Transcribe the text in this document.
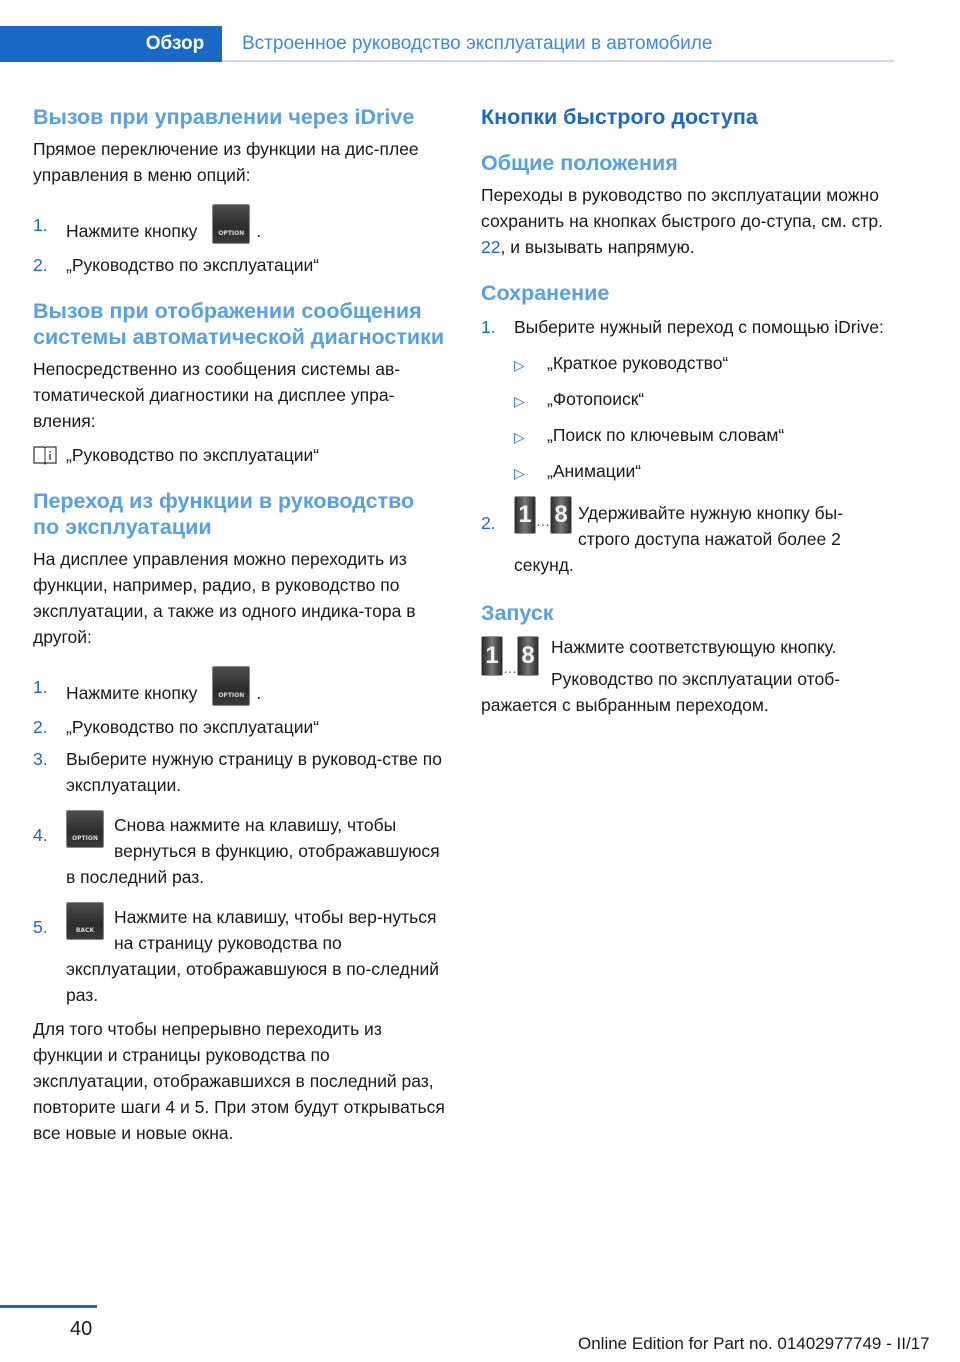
Обзор	Встроенное руководство эксплуатации в автомобиле
Вызов при управлении через iDrive

Прямое переключение из функции на дис-плее управления в меню опций:

1. Нажмите кнопку	OPTION .
2. „Руководство по эксплуатации“
Вызов при отображении сообщения системы автоматической диагностики

Непосредственно из сообщения системы ав-томатической диагностики на дисплее упра-вления:

„Руководство по эксплуатации“
Переход из функции в руководство по эксплуатации

На дисплее управления можно переходить из функции, например, радио, в руководство по эксплуатации, а также из одного индика-тора в другой:

1. Нажмите кнопку	OPTION .
2. „Руководство по эксплуатации“
3. Выберите нужную страницу в руковод-стве по эксплуатации.
4.	OPTION
Снова нажмите на клавишу, чтобы вернуться в функцию, отображавшуюся в последний раз.
5.	BACK
Нажмите на клавишу, чтобы вер-нуться на страницу руководства по эксплуатации, отображавшуюся в по-следний раз.

Для того чтобы непрерывно переходить из функции и страницы руководства по эксплуатации, отображавшихся в последний раз, повторите шаги 4 и 5. При этом будут открываться все новые и новые окна.

Кнопки быстрого доступа
Общие положения

Переходы в руководство по эксплуатации можно сохранить на кнопках быстрого до-ступа, см. стр. 22, и вызывать напрямую.

Сохранение
1. Выберите нужный переход с помощью iDrive:
▷ „Краткое руководство“
▷ „Фотопоиск“
▷ „Поиск по ключевым словам“
▷ „Анимации“
2. 1 … 8 Удерживайте нужную кнопку бы-строго доступа нажатой более 2 секунд.
Запуск
1 … 8 Нажмите соответствующую кнопку.

Руководство по эксплуатации отоб-ражается с выбранным переходом.

40
Online Edition for Part no. 01402977749 - II/17
